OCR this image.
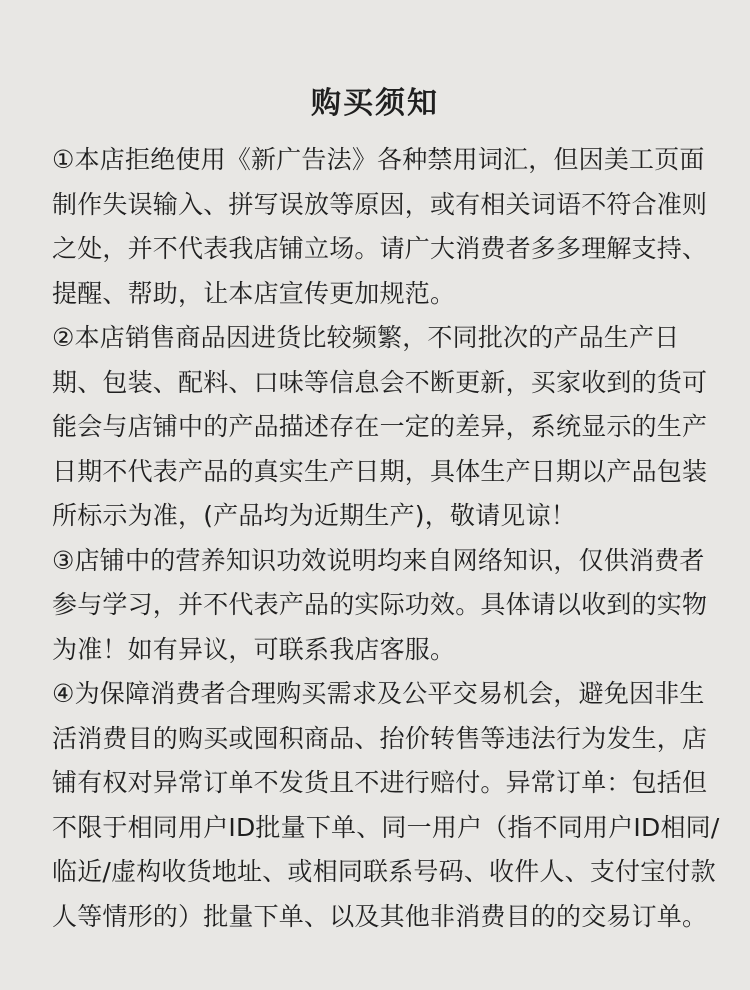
购买须知
①本店拒绝使用《新广告法》各种禁用词汇，但因美工页面
制作失误输入、拼写误放等原因，或有相关词语不符合准则
之处，并不代表我店铺立场。请广大消费者多多理解支持、
提醒、帮助，让本店宣传更加规范。
②本店销售商品因进货比较频繁，不同批次的产品生产日
期、包装、配料、口味等信息会不断更新，买家收到的货可
能会与店铺中的产品描述存在一定的差异，系统显示的生产
日期不代表产品的真实生产日期，具体生产日期以产品包装
所标示为准，(产品均为近期生产)，敬请见谅！
③店铺中的营养知识功效说明均来自网络知识，仅供消费者
参与学习，并不代表产品的实际功效。具体请以收到的实物
为准！如有异议，可联系我店客服。
④为保障消费者合理购买需求及公平交易机会，避免因非生
活消费目的购买或囤积商品、抬价转售等违法行为发生，店
铺有权对异常订单不发货且不进行赔付。异常订单：包括但
不限于相同用户ID批量下单、同一用户（指不同用户ID相同/
临近/虚构收货地址、或相同联系号码、收件人、支付宝付款
人等情形的）批量下单、以及其他非消费目的的交易订单。
